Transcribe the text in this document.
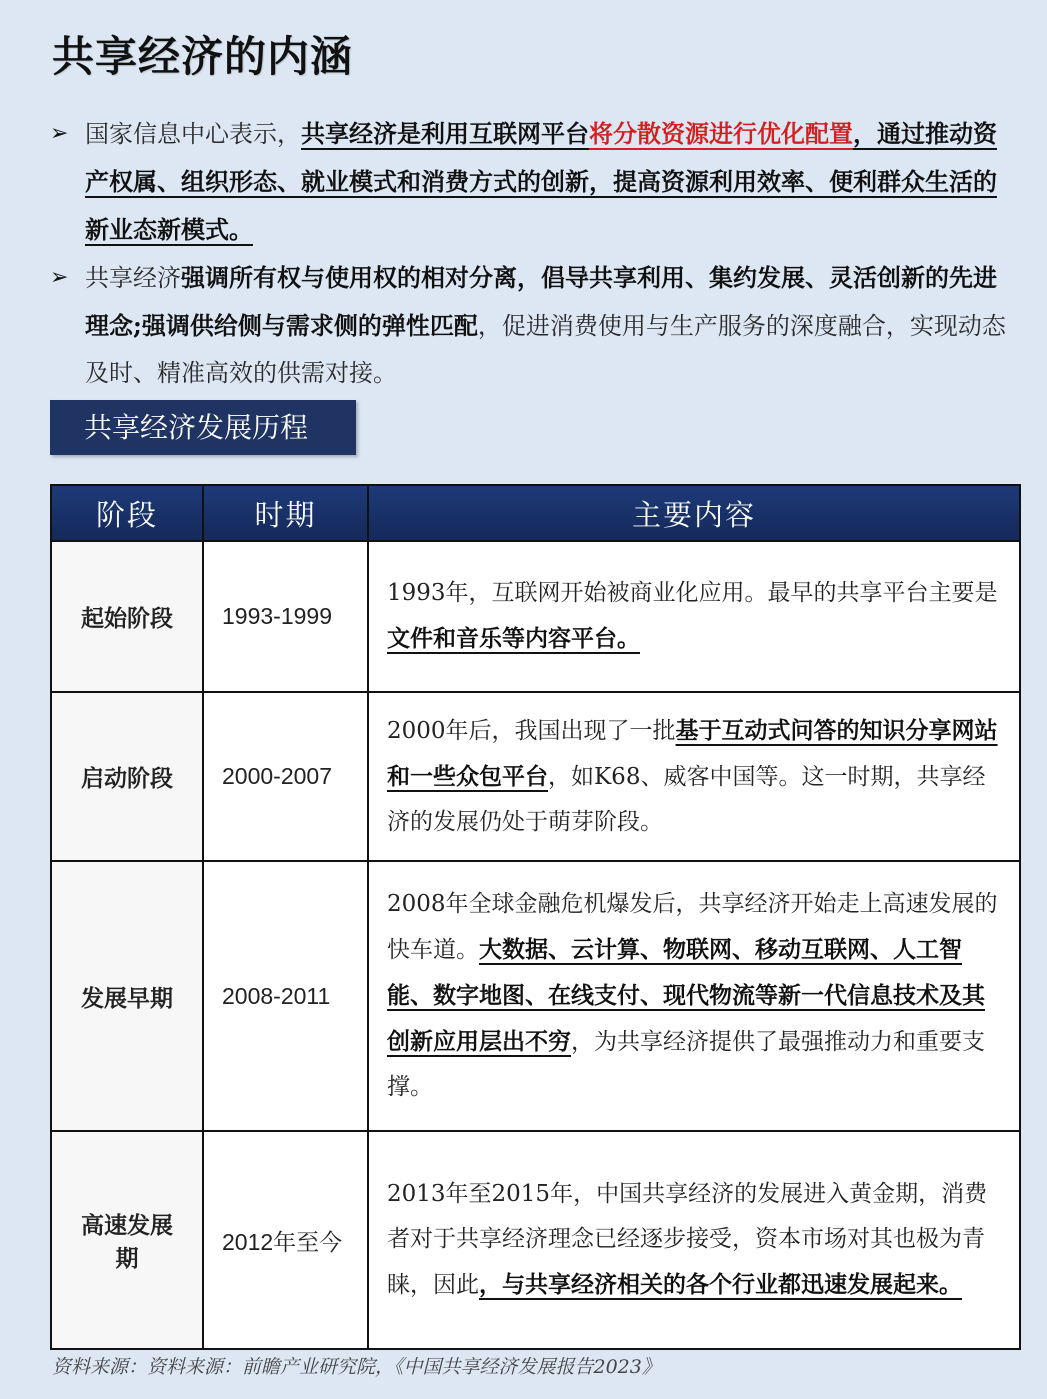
共享经济的内涵
➢ 国家信息中心表示，共享经济是利用互联网平台将分散资源进行优化配置，通过推动资产权属、组织形态、就业模式和消费方式的创新，提高资源利用效率、便利群众生活的新业态新模式。
➢ 共享经济强调所有权与使用权的相对分离，倡导共享利用、集约发展、灵活创新的先进理念;强调供给侧与需求侧的弹性匹配，促进消费使用与生产服务的深度融合，实现动态及时、精准高效的供需对接。
共享经济发展历程
阶段	时期	主要内容
起始阶段	1993-1999	1993年，互联网开始被商业化应用。最早的共享平台主要是文件和音乐等内容平台。
启动阶段	2000-2007	2000年后，我国出现了一批基于互动式问答的知识分享网站和一些众包平台，如K68、威客中国等。这一时期，共享经济的发展仍处于萌芽阶段。
发展早期	2008-2011	2008年全球金融危机爆发后，共享经济开始走上高速发展的快车道。大数据、云计算、物联网、移动互联网、人工智能、数字地图、在线支付、现代物流等新一代信息技术及其创新应用层出不穷，为共享经济提供了最强推动力和重要支撑。
高速发展期	2012年至今	2013年至2015年，中国共享经济的发展进入黄金期，消费者对于共享经济理念已经逐步接受，资本市场对其也极为青睐，因此，与共享经济相关的各个行业都迅速发展起来。
资料来源：资料来源：前瞻产业研究院，《中国共享经济发展报告2023》
